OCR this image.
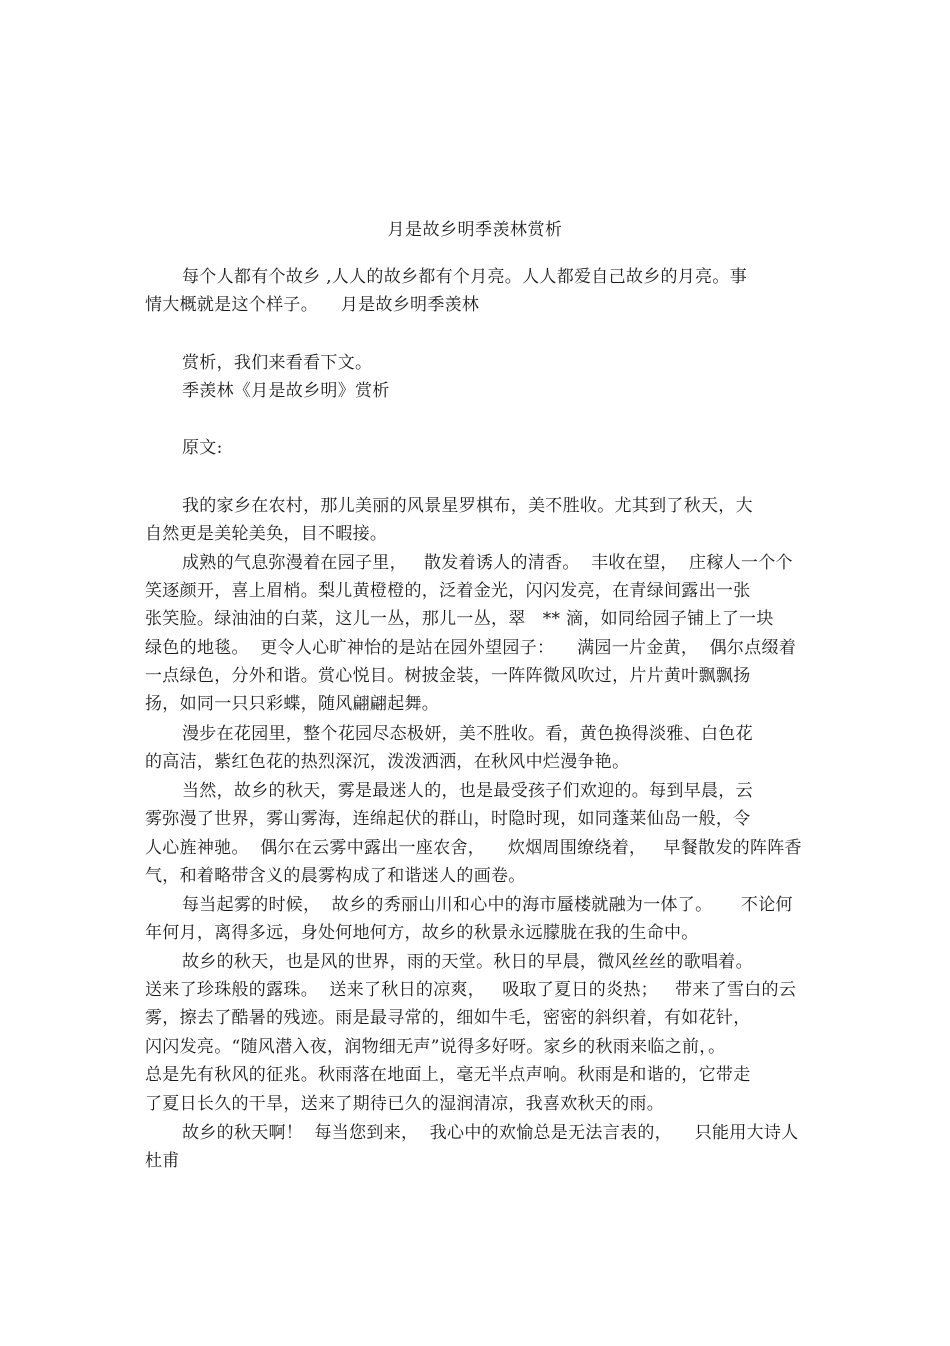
月是故乡明季羡林赏析
每个人都有个故乡 ,人人的故乡都有个月亮。人人都爱自己故乡的月亮。事
情大概就是这个样子。    月是故乡明季羡林
赏析，我们来看看下文。
季羡林《月是故乡明》赏析
原文:
我的家乡在农村，那儿美丽的风景星罗棋布，美不胜收。尤其到了秋天，大
自然更是美轮美奂，目不暇接。
成熟的气息弥漫着在园子里，   散发着诱人的清香。  丰收在望，  庄稼人一个个
笑逐颜开，喜上眉梢。梨儿黄橙橙的，泛着金光，闪闪发亮，在青绿间露出一张
张笑脸。绿油油的白菜，这儿一丛，那儿一丛，翠   ** 滴，如同给园子铺上了一块
绿色的地毯。  更令人心旷神怡的是站在园外望园子：    满园一片金黄，  偶尔点缀着
一点绿色，分外和谐。赏心悦目。树披金装，一阵阵微风吹过，片片黄叶飘飘扬
扬，如同一只只彩蝶，随风翩翩起舞。
漫步在花园里，整个花园尽态极妍，美不胜收。看，黄色换得淡雅、白色花
的高洁，紫红色花的热烈深沉，泼泼洒洒，在秋风中烂漫争艳。
当然，故乡的秋天，雾是最迷人的，也是最受孩子们欢迎的。每到早晨，云
雾弥漫了世界，雾山雾海，连绵起伏的群山，时隐时现，如同蓬莱仙岛一般，令
人心旌神驰。  偶尔在云雾中露出一座农舍，    炊烟周围缭绕着，   早餐散发的阵阵香
气，和着略带含义的晨雾构成了和谐迷人的画卷。
每当起雾的时候，  故乡的秀丽山川和心中的海市蜃楼就融为一体了。     不论何
年何月，离得多远，身处何地何方，故乡的秋景永远朦胧在我的生命中。
故乡的秋天，也是风的世界，雨的天堂。秋日的早晨，微风丝丝的歌唱着。
送来了珍珠般的露珠。  送来了秋日的凉爽，   吸取了夏日的炎热；   带来了雪白的云
雾，擦去了酷暑的残迹。雨是最寻常的，细如牛毛，密密的斜织着，有如花针，
闪闪发亮。“随风潜入夜，润物细无声”说得多好呀。家乡的秋雨来临之前，。
总是先有秋风的征兆。秋雨落在地面上，毫无半点声响。秋雨是和谐的，它带走
了夏日长久的干旱，送来了期待已久的湿润清凉，我喜欢秋天的雨。
故乡的秋天啊！  每当您到来，  我心中的欢愉总是无法言表的，    只能用大诗人
杜甫
